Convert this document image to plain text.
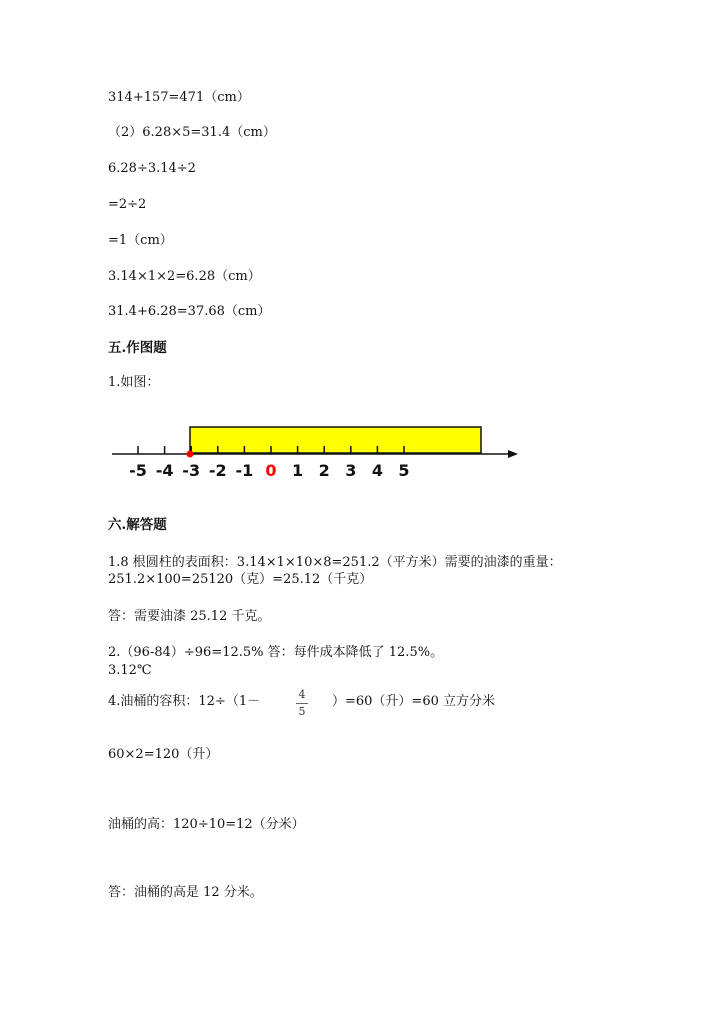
314+157=471（cm）
（2）6.28×5=31.4（cm）
6.28÷3.14÷2
=2÷2
=1（cm）
3.14×1×2=6.28（cm）
31.4+6.28=37.68（cm）
五.作图题
1.如图：
-5 -4 -3 -2 -1 0 1 2 3 4 5
六.解答题
1.8 根圆柱的表面积：3.14×1×10×8=251.2（平方米）需要的油漆的重量：
251.2×100=25120（克）=25.12（千克）
答：需要油漆 25.12 千克。
2.（96-84）÷96=12.5% 答：每件成本降低了 12.5%。
3.12℃
4.油桶的容积：12÷（1－	4
5
）=60（升）=60 立方分米
60×2=120（升）
油桶的高：120÷10=12（分米）
答：油桶的高是 12 分米。
